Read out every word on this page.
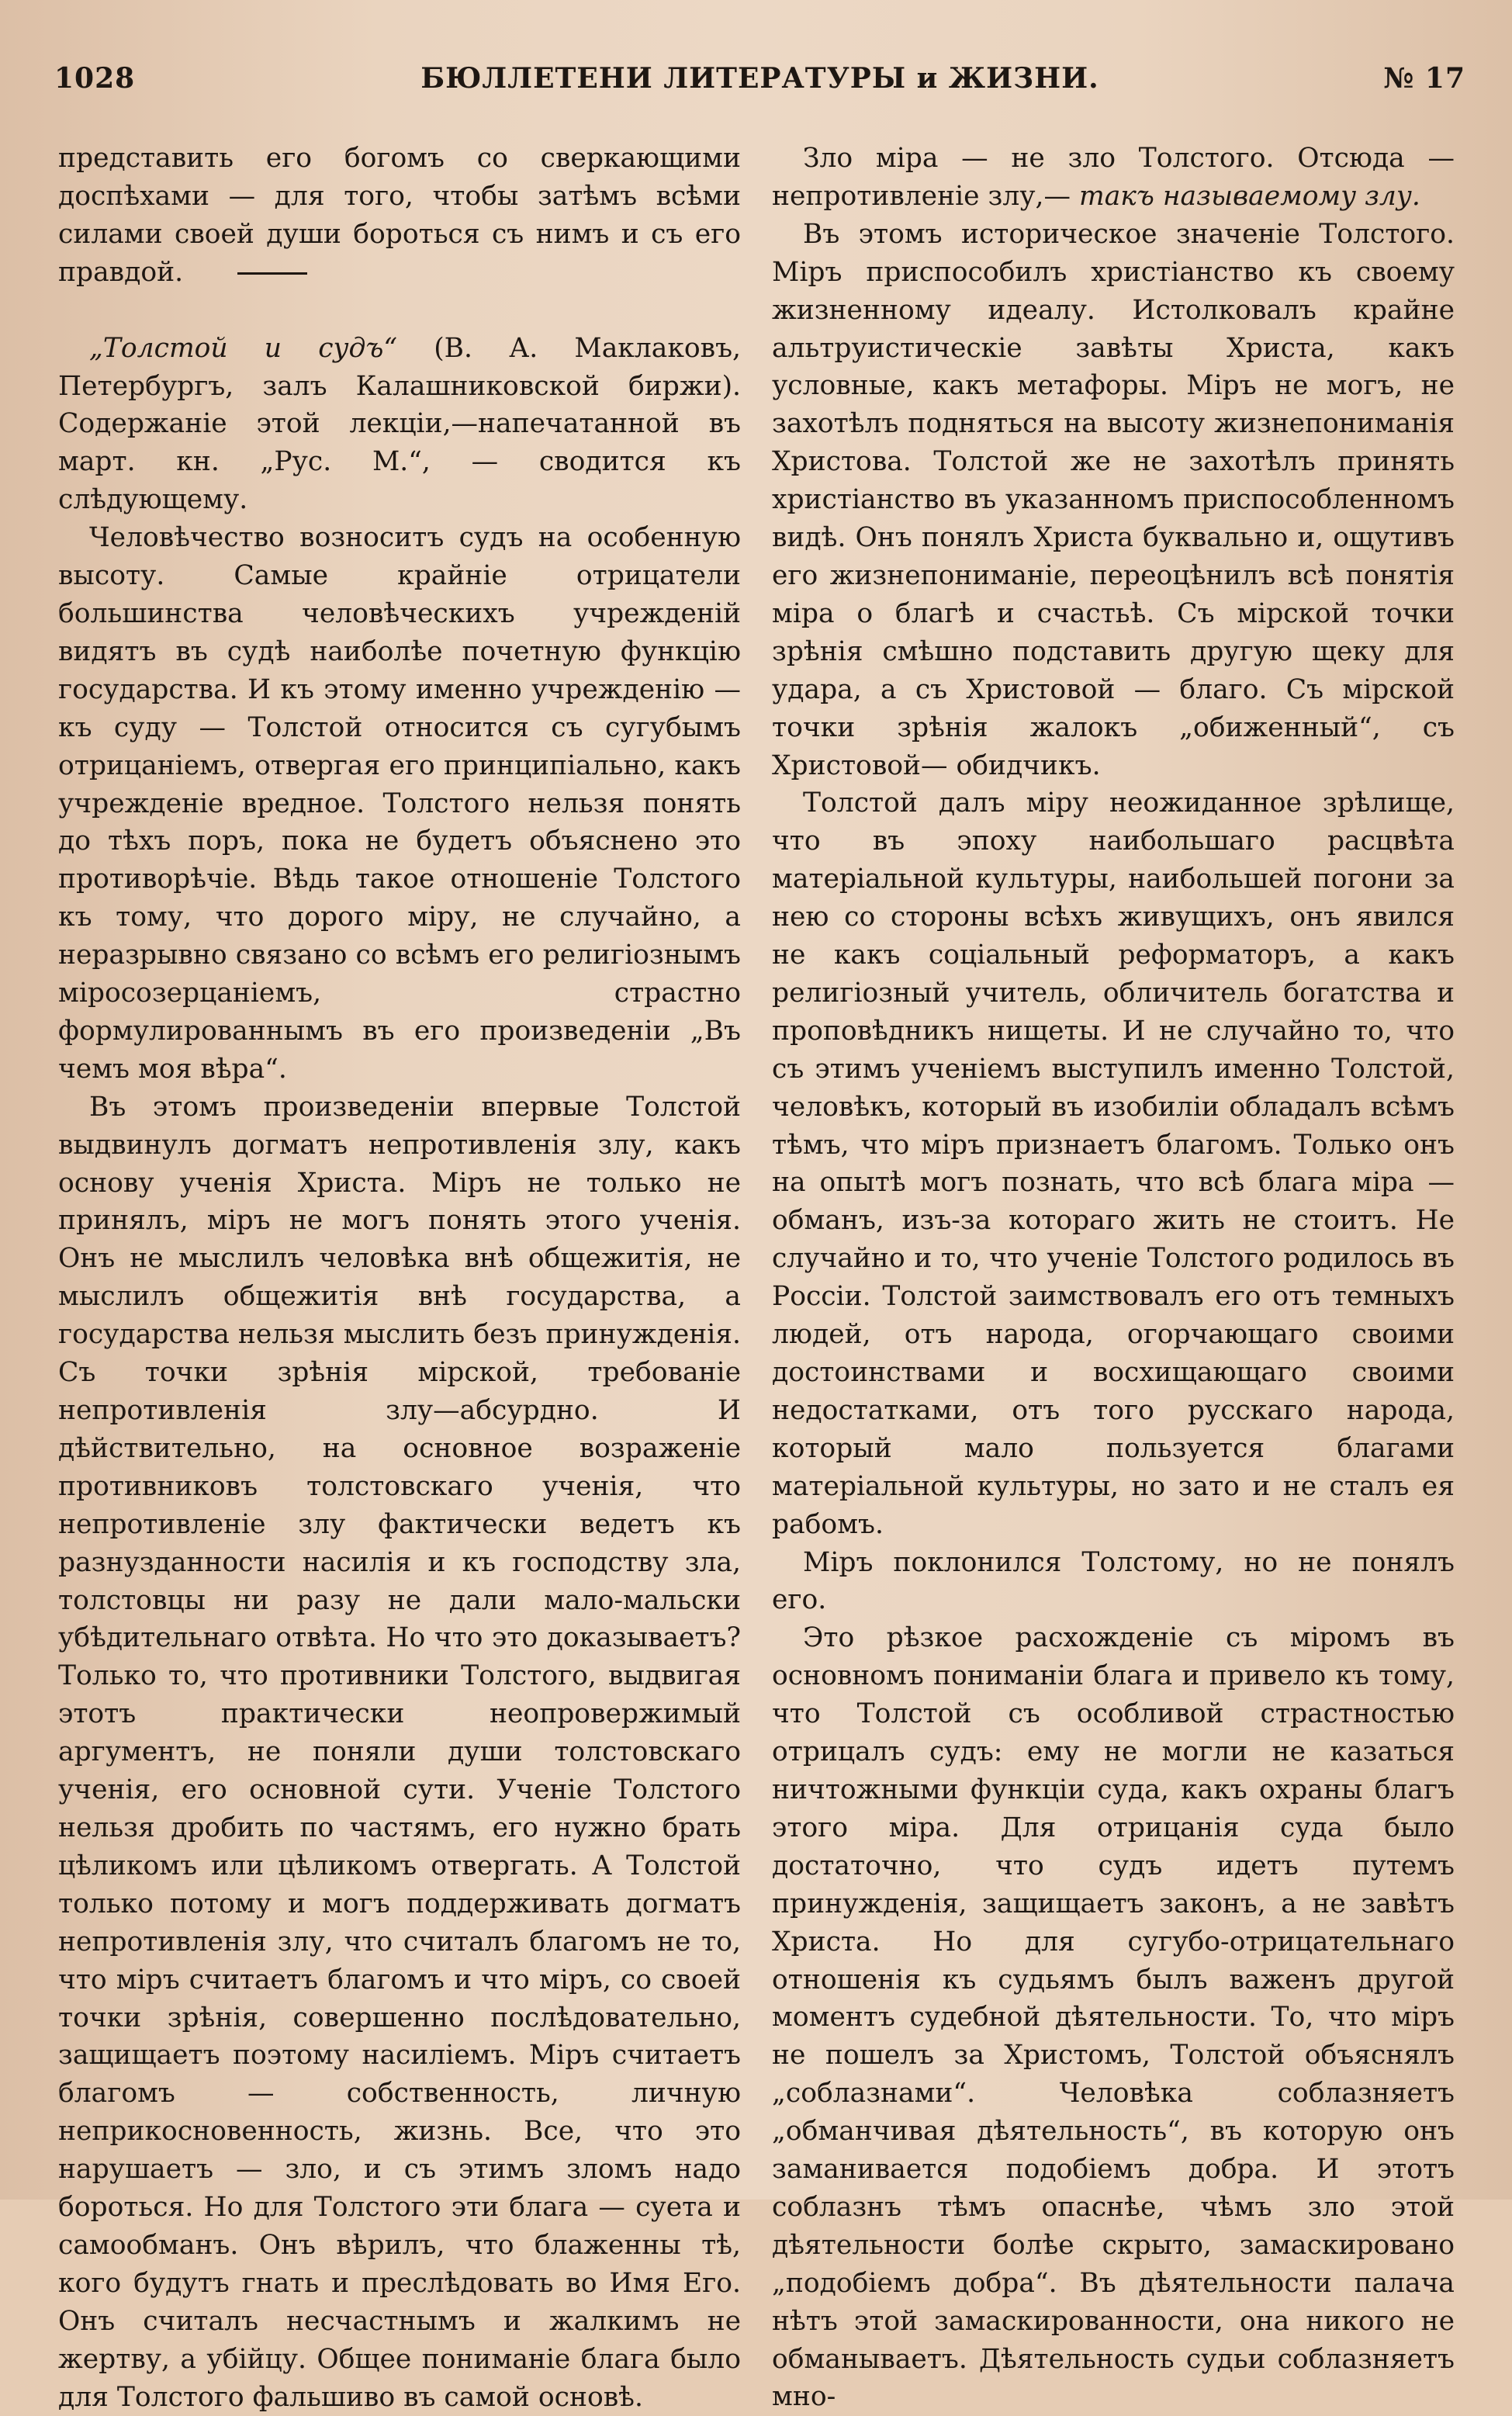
1028	БЮЛЛЕТЕНИ ЛИТЕРАТУРЫ и ЖИЗНИ.	№ 17

представить его богомъ со сверкающими доспѣхами — для того, чтобы затѣмъ всѣми силами своей души бороться съ нимъ и съ его правдой.

„Толстой и судъ“ (В. А. Маклаковъ, Петербургъ, залъ Калашниковской биржи). Содержаніе этой лекціи,—напечатанной въ март. кн. „Рус. М.“, — сводится къ слѣдующему.

Человѣчество возноситъ судъ на особенную высоту. Самые крайніе отрицатели большинства человѣческихъ учрежденій видятъ въ судѣ наиболѣе почетную функцію государства. И къ этому именно учрежденію — къ суду — Толстой относится съ сугубымъ отрицаніемъ, отвергая его принципіально, какъ учрежденіе вредное. Толстого нельзя понять до тѣхъ поръ, пока не будетъ объяснено это противорѣчіе. Вѣдь такое отношеніе Толстого къ тому, что дорого міру, не случайно, а неразрывно связано со всѣмъ его религіознымъ міросозерцаніемъ, страстно формулированнымъ въ его произведеніи „Въ чемъ моя вѣра“.

Въ этомъ произведеніи впервые Толстой выдвинулъ догматъ непротивленія злу, какъ основу ученія Христа. Міръ не только не принялъ, міръ не могъ понять этого ученія. Онъ не мыслилъ человѣка внѣ общежитія, не мыслилъ общежитія внѣ государства, а государства нельзя мыслить безъ принужденія. Съ точки зрѣнія мірской, требованіе непротивленія злу—абсурдно. И дѣйствительно, на основное возраженіе противниковъ толстовскаго ученія, что непротивленіе злу фактически ведетъ къ разнузданности насилія и къ господству зла, толстовцы ни разу не дали мало-мальски убѣдительнаго отвѣта. Но что это доказываетъ? Только то, что противники Толстого, выдвигая этотъ практически неопровержимый аргументъ, не поняли души толстовскаго ученія, его основной сути. Ученіе Толстого нельзя дробить по частямъ, его нужно брать цѣликомъ или цѣликомъ отвергать. А Толстой только потому и могъ поддерживать догматъ непротивленія злу, что считалъ благомъ не то, что міръ считаетъ благомъ и что міръ, со своей точки зрѣнія, совершенно послѣдовательно, защищаетъ поэтому насиліемъ. Міръ считаетъ благомъ — собственность, личную неприкосновенность, жизнь. Все, что это нарушаетъ — зло, и съ этимъ зломъ надо бороться. Но для Толстого эти блага — суета и самообманъ. Онъ вѣрилъ, что блаженны тѣ, кого будутъ гнать и преслѣдовать во Имя Его. Онъ считалъ несчастнымъ и жалкимъ не жертву, а убійцу. Общее пониманіе блага было для Толстого фальшиво въ самой основѣ.

Зло міра — не зло Толстого. Отсюда — непротивленіе злу,— такъ называемому злу.

Въ этомъ историческое значеніе Толстого. Міръ приспособилъ христіанство къ своему жизненному идеалу. Истолковалъ крайне альтруистическіе завѣты Христа, какъ условные, какъ метафоры. Міръ не могъ, не захотѣлъ подняться на высоту жизнепониманія Христова. Толстой же не захотѣлъ принять христіанство въ указанномъ приспособленномъ видѣ. Онъ понялъ Христа буквально и, ощутивъ его жизнепониманіе, переоцѣнилъ всѣ понятія міра о благѣ и счастьѣ. Съ мірской точки зрѣнія смѣшно подставить другую щеку для удара, а съ Христовой — благо. Съ мірской точки зрѣнія жалокъ „обиженный“, съ Христовой— обидчикъ.

Толстой далъ міру неожиданное зрѣлище, что въ эпоху наибольшаго расцвѣта матеріальной культуры, наибольшей погони за нею со стороны всѣхъ живущихъ, онъ явился не какъ соціальный реформаторъ, а какъ религіозный учитель, обличитель богатства и проповѣдникъ нищеты. И не случайно то, что съ этимъ ученіемъ выступилъ именно Толстой, человѣкъ, который въ изобиліи обладалъ всѣмъ тѣмъ, что міръ признаетъ благомъ. Только онъ на опытѣ могъ познать, что всѣ блага міра — обманъ, изъ-за котораго жить не стоитъ. Не случайно и то, что ученіе Толстого родилось въ Россіи. Толстой заимствовалъ его отъ темныхъ людей, отъ народа, огорчающаго своими достоинствами и восхищающаго своими недостатками, отъ того русскаго народа, который мало пользуется благами матеріальной культуры, но зато и не сталъ ея рабомъ.

Міръ поклонился Толстому, но не понялъ его.

Это рѣзкое расхожденіе съ міромъ въ основномъ пониманіи блага и привело къ тому, что Толстой съ особливой страстностью отрицалъ судъ: ему не могли не казаться ничтожными функціи суда, какъ охраны благъ этого міра. Для отрицанія суда было достаточно, что судъ идетъ путемъ принужденія, защищаетъ законъ, а не завѣтъ Христа. Но для сугубо-отрицательнаго отношенія къ судьямъ былъ важенъ другой моментъ судебной дѣятельности. То, что міръ не пошелъ за Христомъ, Толстой объяснялъ „соблазнами“. Человѣка соблазняетъ „обманчивая дѣятельность“, въ которую онъ заманивается подобіемъ добра. И этотъ соблазнъ тѣмъ опаснѣе, чѣмъ зло этой дѣятельности болѣе скрыто, замаскировано „подобіемъ добра“. Въ дѣятельности палача нѣтъ этой замаскированности, она никого не обманываетъ. Дѣятельность судьи соблазняетъ мно-
